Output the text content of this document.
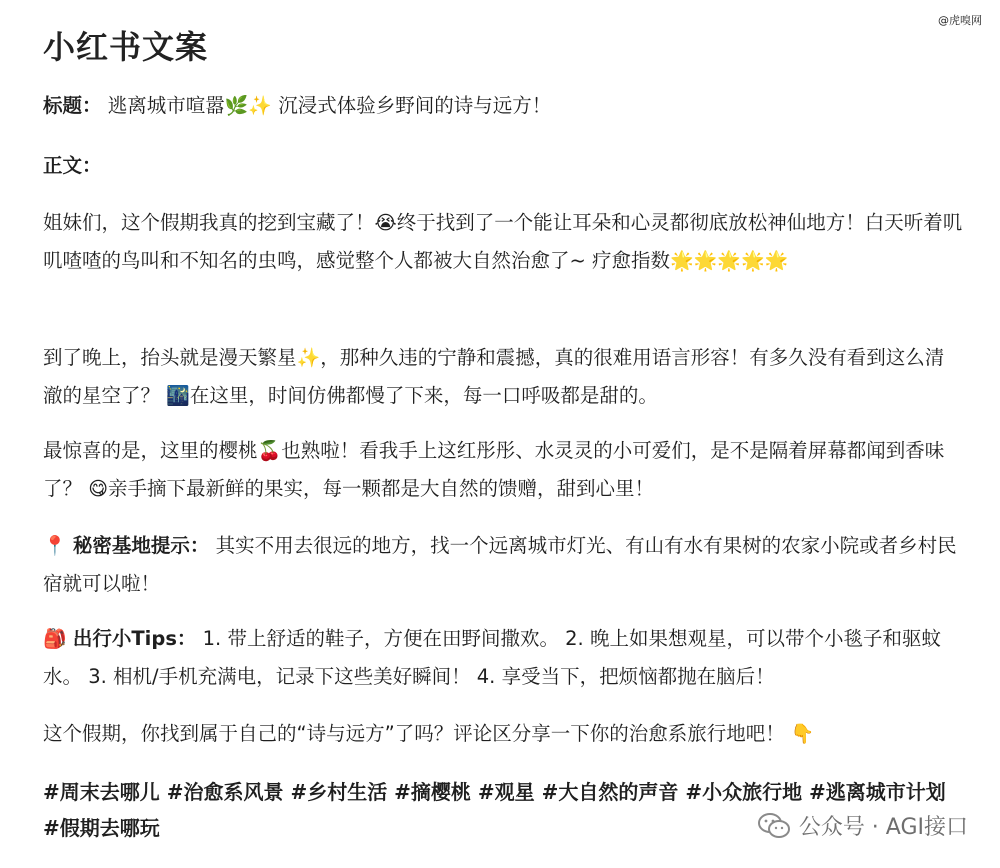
@虎嗅网
小红书文案
标题： 逃离城市喧嚣🌿✨ 沉浸式体验乡野间的诗与远方！
正文：
姐妹们，这个假期我真的挖到宝藏了！😭终于找到了一个能让耳朵和心灵都彻底放松神仙地方！白天听着叽叽喳喳的鸟叫和不知名的虫鸣，感觉整个人都被大自然治愈了~ 疗愈指数🌟🌟🌟🌟🌟
到了晚上，抬头就是漫天繁星✨，那种久违的宁静和震撼，真的很难用语言形容！有多久没有看到这么清澈的星空了？ 🌃在这里，时间仿佛都慢了下来，每一口呼吸都是甜的。
最惊喜的是，这里的樱桃🍒也熟啦！看我手上这红彤彤、水灵灵的小可爱们，是不是隔着屏幕都闻到香味了？ 😋亲手摘下最新鲜的果实，每一颗都是大自然的馈赠，甜到心里！
📍 秘密基地提示： 其实不用去很远的地方，找一个远离城市灯光、有山有水有果树的农家小院或者乡村民宿就可以啦！
🎒 出行小Tips： 1. 带上舒适的鞋子，方便在田野间撒欢。 2. 晚上如果想观星，可以带个小毯子和驱蚊水。 3. 相机/手机充满电，记录下这些美好瞬间！ 4. 享受当下，把烦恼都抛在脑后！
这个假期，你找到属于自己的“诗与远方”了吗？评论区分享一下你的治愈系旅行地吧！ 👇
#周末去哪儿 #治愈系风景 #乡村生活 #摘樱桃 #观星 #大自然的声音 #小众旅行地 #逃离城市计划 #假期去哪玩	公众号 · AGI接口
